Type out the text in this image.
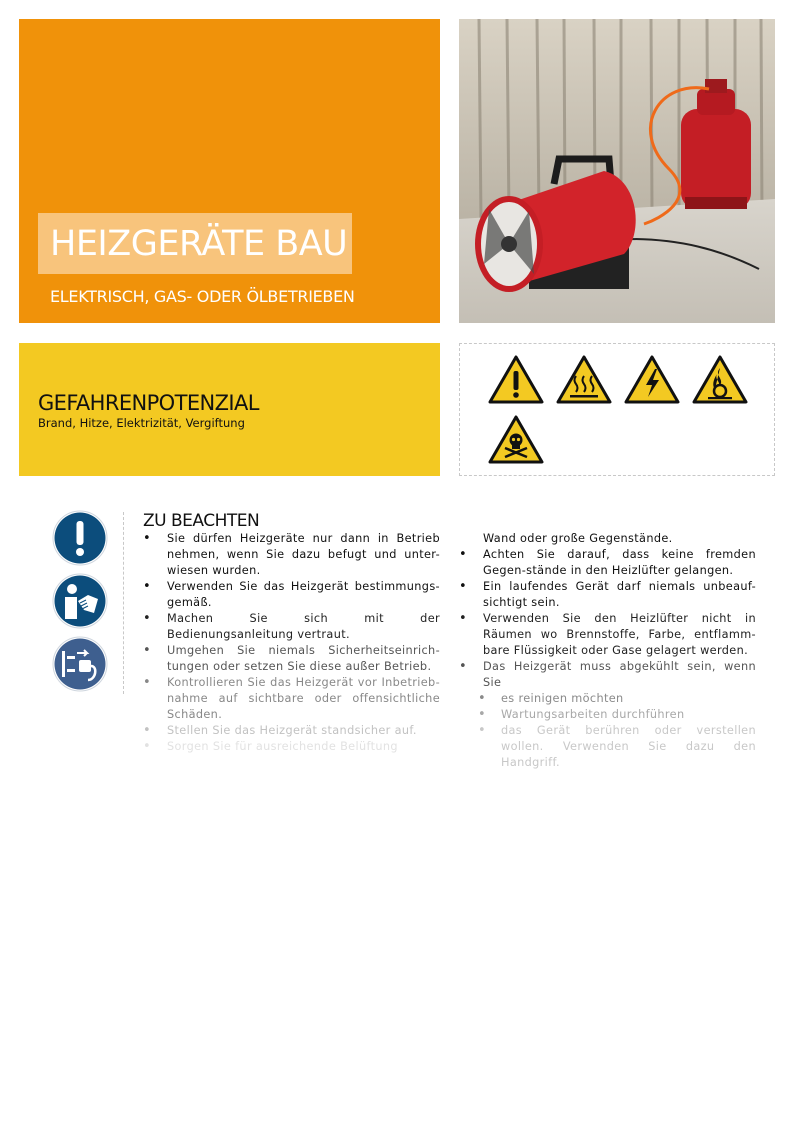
HEIZGERÄTE BAU
ELEKTRISCH, GAS- ODER ÖLBETRIEBEN
GEFAHRENPOTENZIAL
Brand, Hitze, Elektrizität, Vergiftung
ZU BEACHTEN
• Sie dürfen Heizgeräte nur dann in Betrieb nehmen, wenn Sie dazu befugt und unter-wiesen wurden.
• Verwenden Sie das Heizgerät bestimmungs-gemäß.
• Machen Sie sich mit der Bedienungsanleitung vertraut.
• Umgehen Sie niemals Sicherheitseinrich-tungen oder setzen Sie diese außer Betrieb.
• Kontrollieren Sie das Heizgerät vor Inbetrieb-nahme auf sichtbare oder offensichtliche Schäden.
• Stellen Sie das Heizgerät standsicher auf.
• Sorgen Sie für ausreichende Belüftung
Wand oder große Gegenstände.
• Achten Sie darauf, dass keine fremden Gegen-stände in den Heizlüfter gelangen.
• Ein laufendes Gerät darf niemals unbeauf-sichtigt sein.
• Verwenden Sie den Heizlüfter nicht in Räumen wo Brennstoffe, Farbe, entflamm-bare Flüssigkeit oder Gase gelagert werden.
• Das Heizgerät muss abgekühlt sein, wenn Sie
• es reinigen möchten
• Wartungsarbeiten durchführen
• das Gerät berühren oder verstellen wollen. Verwenden Sie dazu den Handgriff.
